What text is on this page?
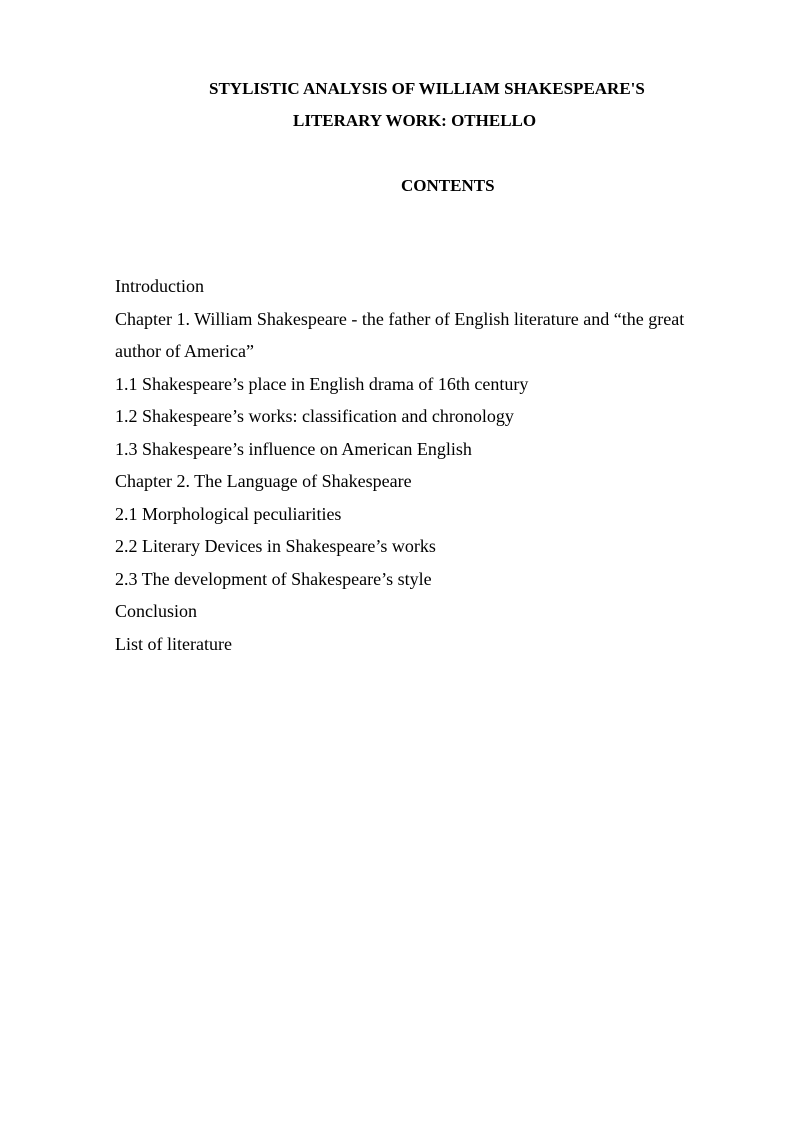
STYLISTIC ANALYSIS OF WILLIAM SHAKESPEARE'S
LITERARY WORK: OTHELLO
CONTENTS
Introduction
Chapter 1. William Shakespeare - the father of English literature and “the great
author of America”
1.1 Shakespeare’s place in English drama of 16th century
1.2 Shakespeare’s works: classification and chronology
1.3 Shakespeare’s influence on American English
Chapter 2. The Language of Shakespeare
2.1 Morphological peculiarities
2.2 Literary Devices in Shakespeare’s works
2.3 The development of Shakespeare’s style
Conclusion
List of literature
